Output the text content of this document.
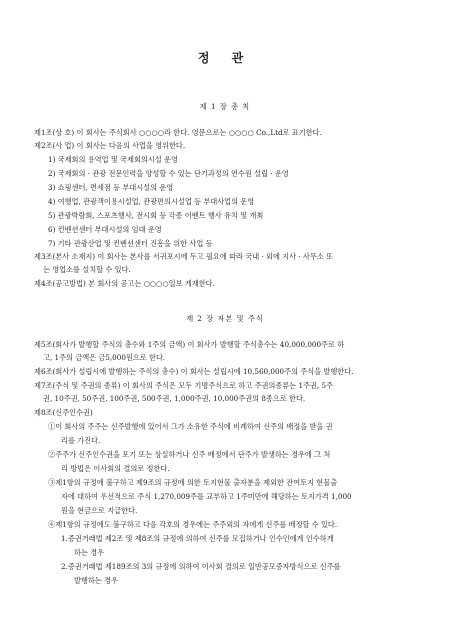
정 관
제 1 장 총 칙
제1조(상 호) 이 회사는 주식회사 ○○○○라 한다. 영문으로는 ○○○○ Co.,Ltd로 표기한다.
제2조(사 업) 이 회사는 다음의 사업을 영위한다.
1) 국제회의 용역업 및 국제회의시설 운영
2) 국제회의 · 관광 전문인력을 양성할 수 있는 단기과정의 연수원 설립 · 운영
3) 쇼핑센터, 면세점 등 부대시설의 운영
4) 여행업, 관광객이용시설업, 관광편의시설업 등 부대사업의 운영
5) 관광박람회, 스포츠행사, 전시회 등 각종 이벤트 행사 유치 및 개최
6) 컨벤션센터 부대시설의 임대 운영
7) 기타 관광산업 및 컨벤션센터 진흥을 위한 사업 등
제3조(본사 소재지) 이 회사는 본사를 서귀포시에 두고 필요에 따라 국내 · 외에 지사 · 사무소 또
는 영업소를 설치할 수 있다.
제4조(공고방법) 본 회사의 공고는 ○○○○일보 게재한다.
제 2 장 자본 및 주식
제5조(회사가 발행할 주식의 총수와 1주의 금액) 이 회사가 발행할 주식총수는 40,000,000주로 하
고, 1주의 금액은 금5,000원으로 한다.
제6조(회사가 설립시에 발행하는 주식의 총수) 이 회사는 설립시에 10,560,000주의 주식을 발행한다.
제7조(주식 및 주권의 종류) 이 회사의 주식은 모두 기명주식으로 하고 주권의종류는 1주권, 5주
권, 10주권, 50주권, 100주권, 500주권, 1,000주권, 10,000주권의 8종으로 한다.
제8조(신주인수권)
①이 회사의 주주는 신주발행에 있어서 그가 소유한 주식에 비례하여 신주의 배정을 받을 권
리를 가진다.
②주주가 신주인수권을 포기 또는 상실하거나 신주 배정에서 단주가 발생하는 경우에 그 처
리 방법은 이사회의 결의로 정한다.
③제1항의 규정에 불구하고 제9조의 규정에 의한 토지현물 출자분을 제외한 잔여토지 현물출
자에 대하여 우선적으로 주식 1,270,009주를 교부하고 1주미만에 해당하는 토지가격 1,000
원을 현금으로 지급한다.
④제1항의 규정에도 불구하고 다음 각호의 경우에는 주주외의 자에게 신주를 배정할 수 있다.
1.증권거래법 제2조 및 제8조의 규정에 의하여 신주를 모집하거나 인수인에게 인수하게
하는 경우
2.증권거래법 제189조의 3의 규정에 의하여 이사회 결의로 일반공모증자방식으로 신주를
발행하는 경우
